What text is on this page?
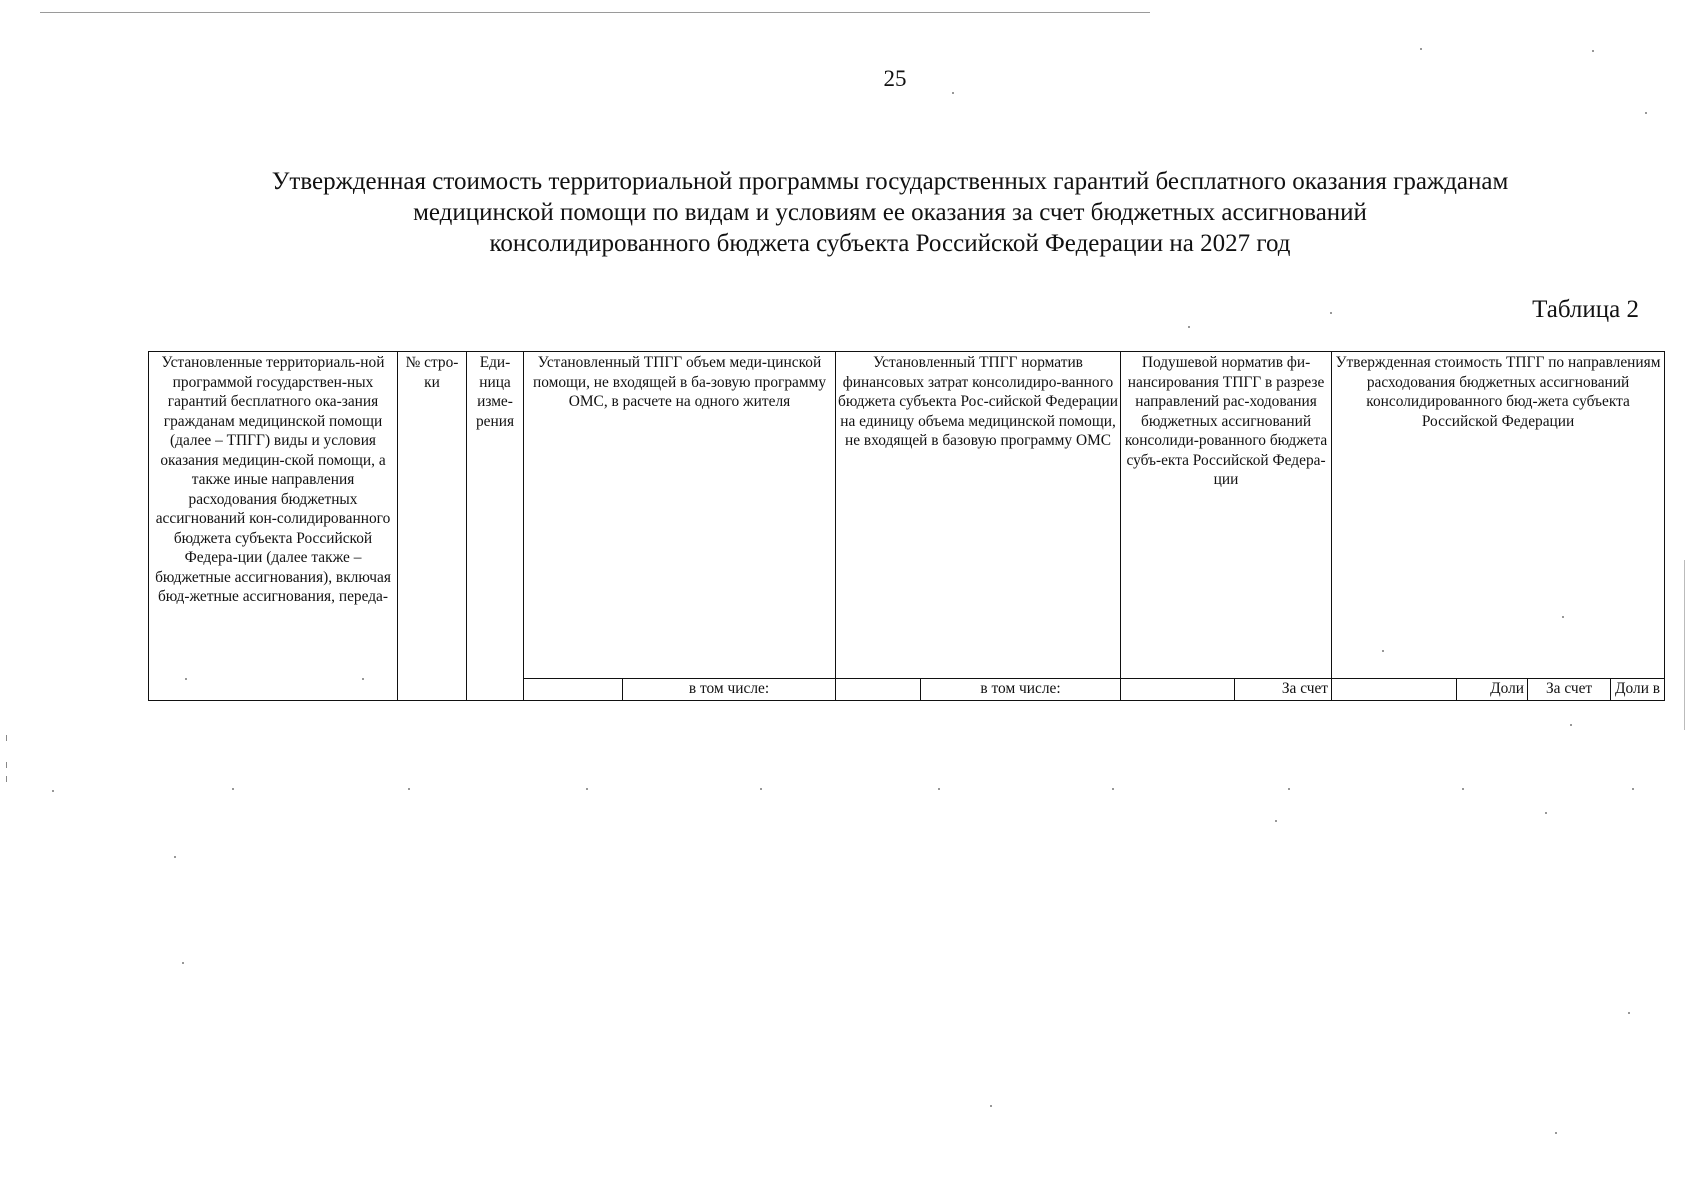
25
Утвержденная стоимость территориальной программы государственных гарантий бесплатного оказания гражданам
медицинской помощи по видам и условиям ее оказания за счет бюджетных ассигнований
консолидированного бюджета субъекта Российской Федерации на 2027 год
Таблица 2
Установленные территориаль-ной программой государствен-ных гарантий бесплатного ока-зания гражданам медицинской помощи (далее – ТПГГ) виды и условия оказания медицин-ской помощи, а также иные направления расходования бюджетных ассигнований кон-солидированного бюджета субъекта Российской Федера-ции (далее также – бюджетные ассигнования), включая бюд-жетные ассигнования, переда-	№ стро-ки	Еди-ница изме-рения	Установленный ТПГГ объем меди-цинской помощи, не входящей в ба-зовую программу ОМС, в расчете на одного жителя		Установленный ТПГГ норматив финансовых затрат консолидиро-ванного бюджета субъекта Рос-сийской Федерации на единицу объема медицинской помощи, не входящей в базовую программу ОМС		Подушевой норматив фи-нансирования ТПГГ в разрезе направлений рас-ходования бюджетных ассигнований консолиди-рованного бюджета субъ-екта Российской Федера-ции		Утвержденная стоимость ТПГГ по направлениям расходования бюджетных ассигнований консолидированного бюд-жета субъекта Российской Федерации			

				в том числе:		в том числе:		За счет		Доли	За счет	Доли в
